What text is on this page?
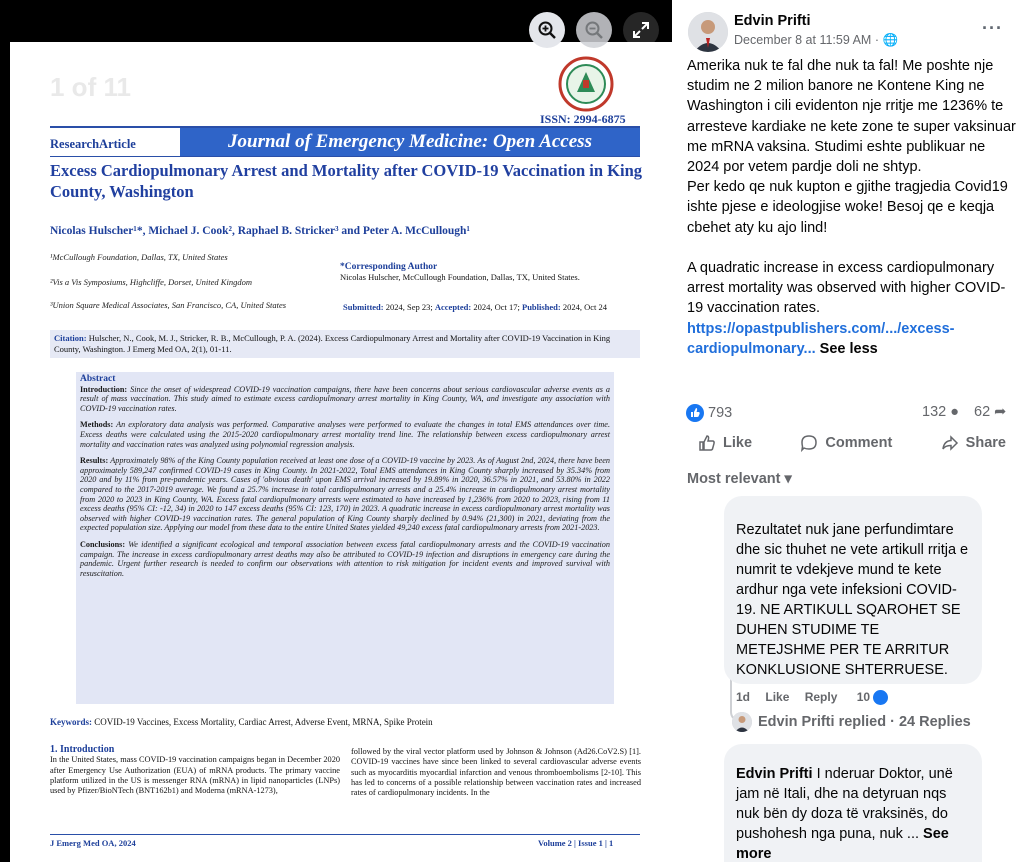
1 of 11
ISSN: 2994-6875
ResearchArticle	Journal of Emergency Medicine: Open Access
Excess Cardiopulmonary Arrest and Mortality after COVID-19 Vaccination in King County, Washington
Nicolas Hulscher¹*, Michael J. Cook², Raphael B. Stricker³ and Peter A. McCullough¹
¹McCullough Foundation, Dallas, TX, United States
²Vis a Vis Symposiums, Highcliffe, Dorset, United Kingdom
³Union Square Medical Associates, San Francisco, CA, United States
*Corresponding Author
Nicolas Hulscher, McCullough Foundation, Dallas, TX, United States.
Submitted: 2024, Sep 23; Accepted: 2024, Oct 17; Published: 2024, Oct 24
Citation: Hulscher, N., Cook, M. J., Stricker, R. B., McCullough, P. A. (2024). Excess Cardiopulmonary Arrest and Mortality after COVID-19 Vaccination in King County, Washington. J Emerg Med OA, 2(1), 01-11.
Abstract

Introduction: Since the onset of widespread COVID-19 vaccination campaigns, there have been concerns about serious cardiovascular adverse events as a result of mass vaccination. This study aimed to estimate excess cardiopulmonary arrest mortality in King County, WA, and investigate any association with COVID-19 vaccination rates.

Methods: An exploratory data analysis was performed. Comparative analyses were performed to evaluate the changes in total EMS attendances over time. Excess deaths were calculated using the 2015-2020 cardiopulmonary arrest mortality trend line. The relationship between excess cardiopulmonary arrest mortality and vaccination rates was analyzed using polynomial regression analysis.

Results: Approximately 98% of the King County population received at least one dose of a COVID-19 vaccine by 2023. As of August 2nd, 2024, there have been approximately 589,247 confirmed COVID-19 cases in King County. In 2021-2022, Total EMS attendances in King County sharply increased by 35.34% from 2020 and by 11% from pre-pandemic years. Cases of 'obvious death' upon EMS arrival increased by 19.89% in 2020, 36.57% in 2021, and 53.80% in 2022 compared to the 2017-2019 average. We found a 25.7% increase in total cardiopulmonary arrests and a 25.4% increase in cardiopulmonary arrest mortality from 2020 to 2023 in King County, WA. Excess fatal cardiopulmonary arrests were estimated to have increased by 1,236% from 2020 to 2023, rising from 11 excess deaths (95% CI: -12, 34) in 2020 to 147 excess deaths (95% CI: 123, 170) in 2023. A quadratic increase in excess cardiopulmonary arrest mortality was observed with higher COVID-19 vaccination rates. The general population of King County sharply declined by 0.94% (21,300) in 2021, deviating from the expected population size. Applying our model from these data to the entire United States yielded 49,240 excess fatal cardiopulmonary arrests from 2021-2023.

Conclusions: We identified a significant ecological and temporal association between excess fatal cardiopulmonary arrests and the COVID-19 vaccination campaign. The increase in excess cardiopulmonary arrest deaths may also be attributed to COVID-19 infection and disruptions in emergency care during the pandemic. Urgent further research is needed to confirm our observations with attention to risk mitigation for incident events and improved survival with resuscitation.

Keywords: COVID-19 Vaccines, Excess Mortality, Cardiac Arrest, Adverse Event, MRNA, Spike Protein
1. Introduction
In the United States, mass COVID-19 vaccination campaigns began in December 2020 after Emergency Use Authorization (EUA) of mRNA products. The primary vaccine platform utilized in the US is messenger RNA (mRNA) in lipid nanoparticles (LNPs) used by Pfizer/BioNTech (BNT162b1) and Moderna (mRNA-1273),
followed by the viral vector platform used by Johnson & Johnson (Ad26.CoV2.S) [1]. COVID-19 vaccines have since been linked to several cardiovascular adverse events such as myocarditis myocardial infarction and venous thromboembolisms [2-10]. This has led to concerns of a possible relationship between vaccination rates and increased rates of cardiopulmonary incidents. In the
J Emerg Med OA, 2024	Volume 2 | Issue 1 | 1
Edvin Prifti
December 8 at 11:59 AM · 🌐
···
Amerika nuk te fal dhe nuk ta fal! Me poshte nje studim ne 2 milion banore ne Kontene King ne Washington i cili evidenton nje rritje me 1236% te arresteve kardiake ne kete zone te super vaksinuar me mRNA vaksina. Studimi eshte publikuar ne 2024 por vetem pardje doli ne shtyp.
Per kedo qe nuk kupton e gjithe tragjedia Covid19 ishte pjese e ideologjise woke! Besoj qe e keqja cbehet aty ku ajo lind!

A quadratic increase in excess cardiopulmonary arrest mortality was observed with higher COVID-19 vaccination rates.
https://opastpublishers.com/.../excess-cardiopulmonary... See less
793	132 ● 62 ➦
Like	Comment	Share
Most relevant ▾
Rezultatet nuk jane perfundimtare dhe sic thuhet ne vete artikull rritja e numrit te vdekjeve mund te kete ardhur nga vete infeksioni COVID-19. NE ARTIKULL SQAROHET SE DUHEN STUDIME TE METEJSHME PER TE ARRITUR KONKLUSIONE SHTERRUESE.
1d Like Reply 10
Edvin Prifti replied · 24 Replies
Edvin Prifti I nderuar Doktor, unë jam në Itali, dhe na detyruan nqs nuk bën dy doza të vraksinës, do pushohesh nga puna, nuk ... See more
